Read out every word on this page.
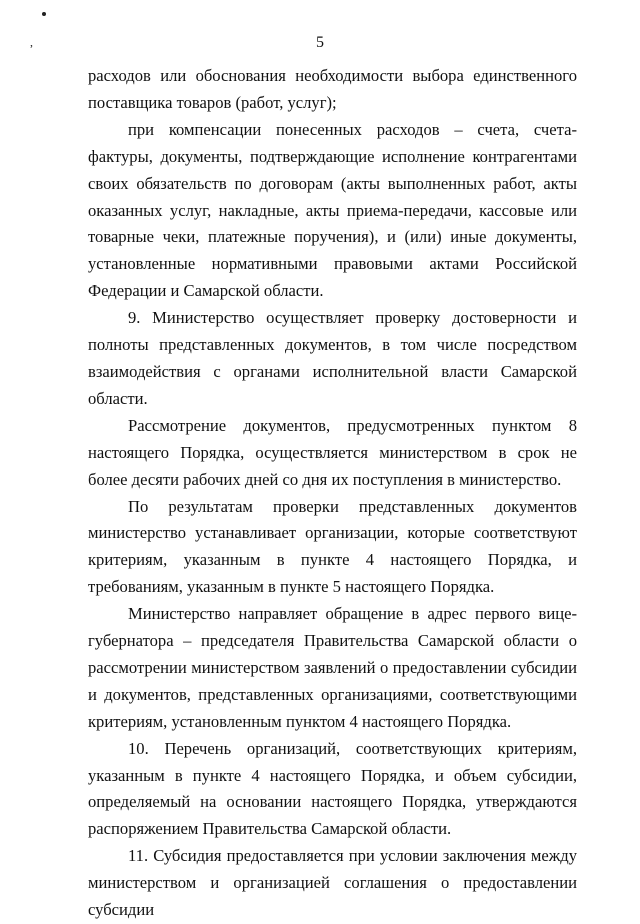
,	5

расходов или обоснования необходимости выбора единственного поставщика товаров (работ, услуг);

при компенсации понесенных расходов – счета, счета-фактуры, документы, подтверждающие исполнение контрагентами своих обязательств по договорам (акты выполненных работ, акты оказанных услуг, накладные, акты приема-передачи, кассовые или товарные чеки, платежные поручения), и (или) иные документы, установленные нормативными правовыми актами Российской Федерации и Самарской области.

9. Министерство осуществляет проверку достоверности и полноты представленных документов, в том числе посредством взаимодействия с органами исполнительной власти Самарской области.

Рассмотрение документов, предусмотренных пунктом 8 настоящего Порядка, осуществляется министерством в срок не более десяти рабочих дней со дня их поступления в министерство.

По результатам проверки представленных документов министерство устанавливает организации, которые соответствуют критериям, указанным в пункте 4 настоящего Порядка, и требованиям, указанным в пункте 5 настоящего Порядка.

Министерство направляет обращение в адрес первого вице-губернатора – председателя Правительства Самарской области о рассмотрении министерством заявлений о предоставлении субсидии и документов, представленных организациями, соответствующими критериям, установленным пунктом 4 настоящего Порядка.

10. Перечень организаций, соответствующих критериям, указанным в пункте 4 настоящего Порядка, и объем субсидии, определяемый на основании настоящего Порядка, утверждаются распоряжением Правительства Самарской области.

11. Субсидия предоставляется при условии заключения между министерством и организацией соглашения о предоставлении субсидии
